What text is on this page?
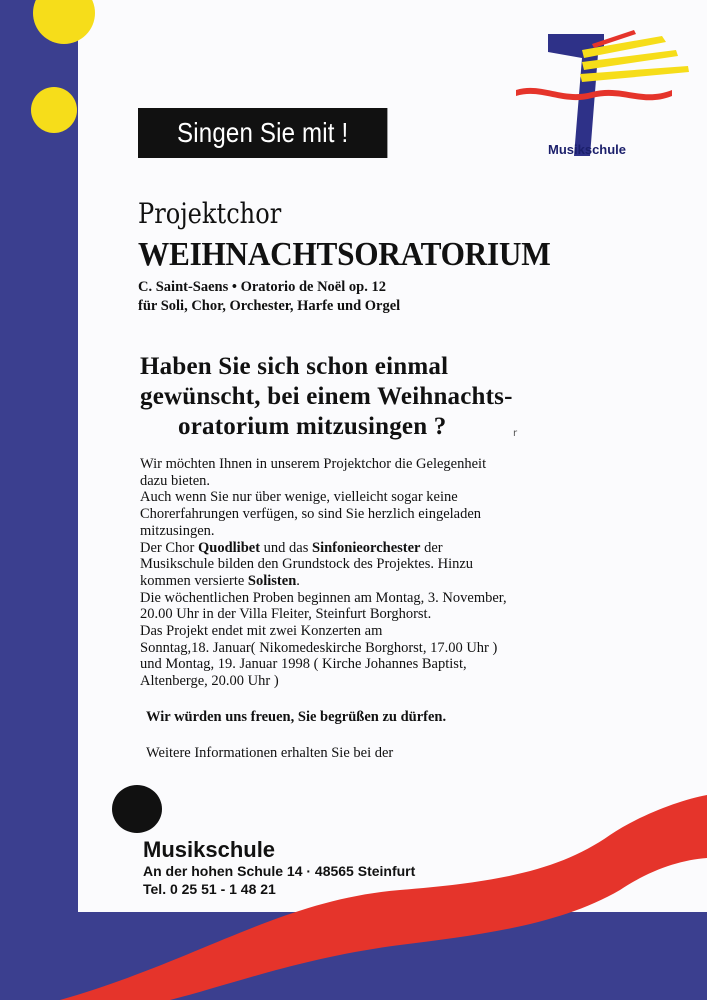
Singen Sie mit !
Musikschule
Projektchor
WEIHNACHTSORATORIUM
C. Saint-Saens • Oratorio de Noël op. 12
für Soli, Chor, Orchester, Harfe und Orgel
Haben Sie sich schon einmal
gewünscht, bei einem Weihnachts-
oratorium mitzusingen ?	r
Wir möchten Ihnen in unserem Projektchor die Gelegenheit
dazu bieten.
Auch wenn Sie nur über wenige, vielleicht sogar keine
Chorerfahrungen verfügen, so sind Sie herzlich eingeladen
mitzusingen.
Der Chor Quodlibet und das Sinfonieorchester der
Musikschule bilden den Grundstock des Projektes. Hinzu
kommen versierte Solisten.
Die wöchentlichen Proben beginnen am Montag, 3. November,
20.00 Uhr in der Villa Fleiter, Steinfurt Borghorst.
Das Projekt endet mit zwei Konzerten am
Sonntag,18. Januar( Nikomedeskirche Borghorst, 17.00 Uhr )
und Montag, 19. Januar 1998 ( Kirche Johannes Baptist,
Altenberge, 20.00 Uhr )
Wir würden uns freuen, Sie begrüßen zu dürfen.
Weitere Informationen erhalten Sie bei der
Musikschule
An der hohen Schule 14 · 48565 Steinfurt
Tel. 0 25 51 - 1 48 21
